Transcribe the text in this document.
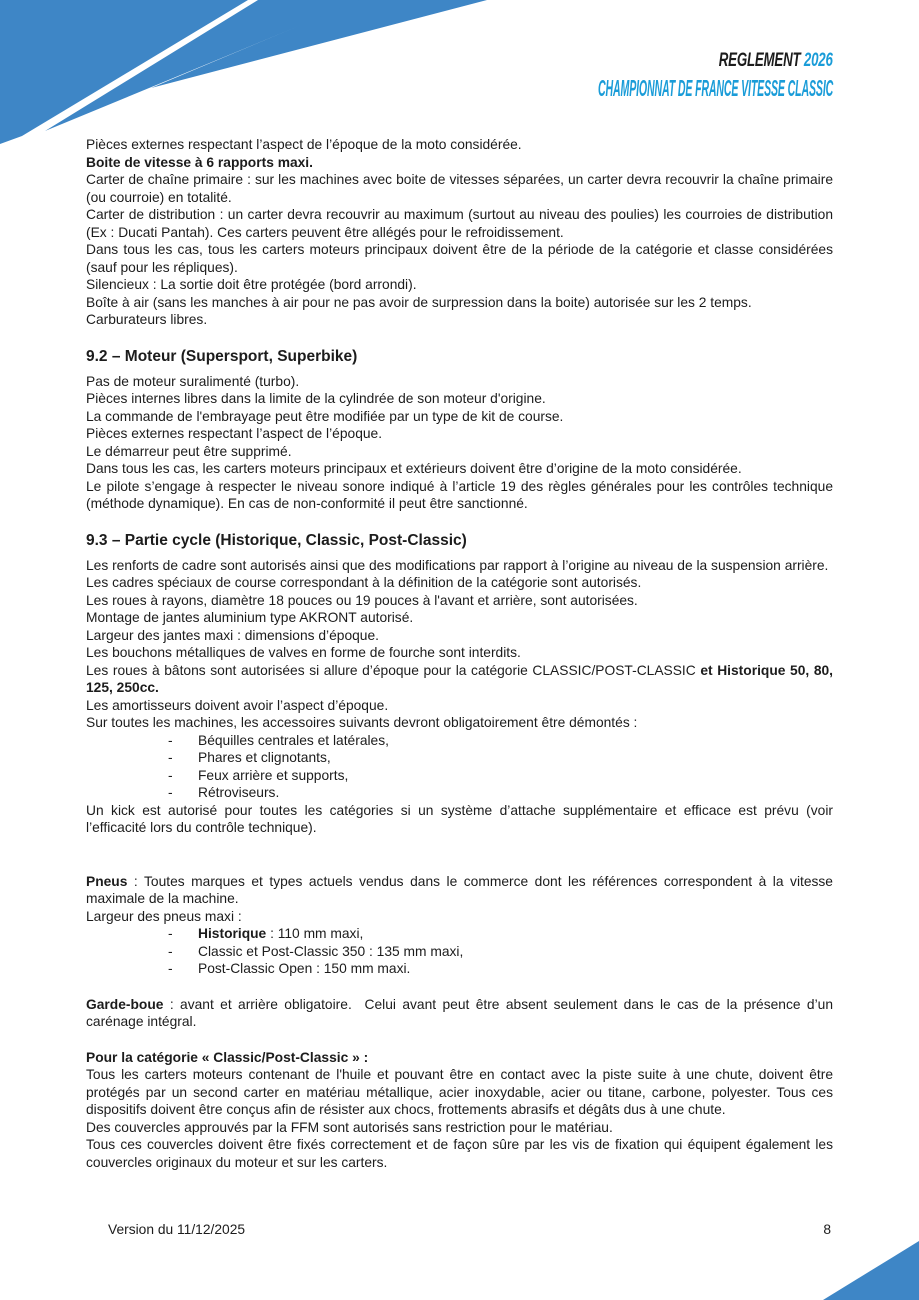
REGLEMENT 2026
CHAMPIONNAT DE FRANCE VITESSE CLASSIC
Pièces externes respectant l’aspect de l’époque de la moto considérée.
Boite de vitesse à 6 rapports maxi.
Carter de chaîne primaire : sur les machines avec boite de vitesses séparées, un carter devra recouvrir la chaîne primaire (ou courroie) en totalité.
Carter de distribution : un carter devra recouvrir au maximum (surtout au niveau des poulies) les courroies de distribution (Ex : Ducati Pantah). Ces carters peuvent être allégés pour le refroidissement.
Dans tous les cas, tous les carters moteurs principaux doivent être de la période de la catégorie et classe considérées (sauf pour les répliques).
Silencieux : La sortie doit être protégée (bord arrondi).
Boîte à air (sans les manches à air pour ne pas avoir de surpression dans la boite) autorisée sur les 2 temps.
Carburateurs libres.
9.2 – Moteur (Supersport, Superbike)
Pas de moteur suralimenté (turbo).
Pièces internes libres dans la limite de la cylindrée de son moteur d'origine.
La commande de l'embrayage peut être modifiée par un type de kit de course.
Pièces externes respectant l’aspect de l’époque.
Le démarreur peut être supprimé.
Dans tous les cas, les carters moteurs principaux et extérieurs doivent être d’origine de la moto considérée.
Le pilote s’engage à respecter le niveau sonore indiqué à l’article 19 des règles générales pour les contrôles technique (méthode dynamique). En cas de non-conformité il peut être sanctionné.
9.3 – Partie cycle (Historique, Classic, Post-Classic)
Les renforts de cadre sont autorisés ainsi que des modifications par rapport à l’origine au niveau de la suspension arrière.
Les cadres spéciaux de course correspondant à la définition de la catégorie sont autorisés.
Les roues à rayons, diamètre 18 pouces ou 19 pouces à l'avant et arrière, sont autorisées.
Montage de jantes aluminium type AKRONT autorisé.
Largeur des jantes maxi : dimensions d’époque.
Les bouchons métalliques de valves en forme de fourche sont interdits.
Les roues à bâtons sont autorisées si allure d’époque pour la catégorie CLASSIC/POST-CLASSIC et Historique 50, 80, 125, 250cc.
Les amortisseurs doivent avoir l’aspect d’époque.
Sur toutes les machines, les accessoires suivants devront obligatoirement être démontés :
-	Béquilles centrales et latérales,
-	Phares et clignotants,
-	Feux arrière et supports,
-	Rétroviseurs.
Un kick est autorisé pour toutes les catégories si un système d’attache supplémentaire et efficace est prévu (voir l’efficacité lors du contrôle technique).
Pneus : Toutes marques et types actuels vendus dans le commerce dont les références correspondent à la vitesse maximale de la machine.
Largeur des pneus maxi :
-	Historique : 110 mm maxi,
-	Classic et Post-Classic 350 : 135 mm maxi,
-	Post-Classic Open : 150 mm maxi.
Garde-boue : avant et arrière obligatoire.  Celui avant peut être absent seulement dans le cas de la présence d’un carénage intégral.
Pour la catégorie « Classic/Post-Classic » :
Tous les carters moteurs contenant de l'huile et pouvant être en contact avec la piste suite à une chute, doivent être protégés par un second carter en matériau métallique, acier inoxydable, acier ou titane, carbone, polyester. Tous ces dispositifs doivent être conçus afin de résister aux chocs, frottements abrasifs et dégâts dus à une chute.
Des couvercles approuvés par la FFM sont autorisés sans restriction pour le matériau.
Tous ces couvercles doivent être fixés correctement et de façon sûre par les vis de fixation qui équipent également les couvercles originaux du moteur et sur les carters.
Version du 11/12/2025	8
